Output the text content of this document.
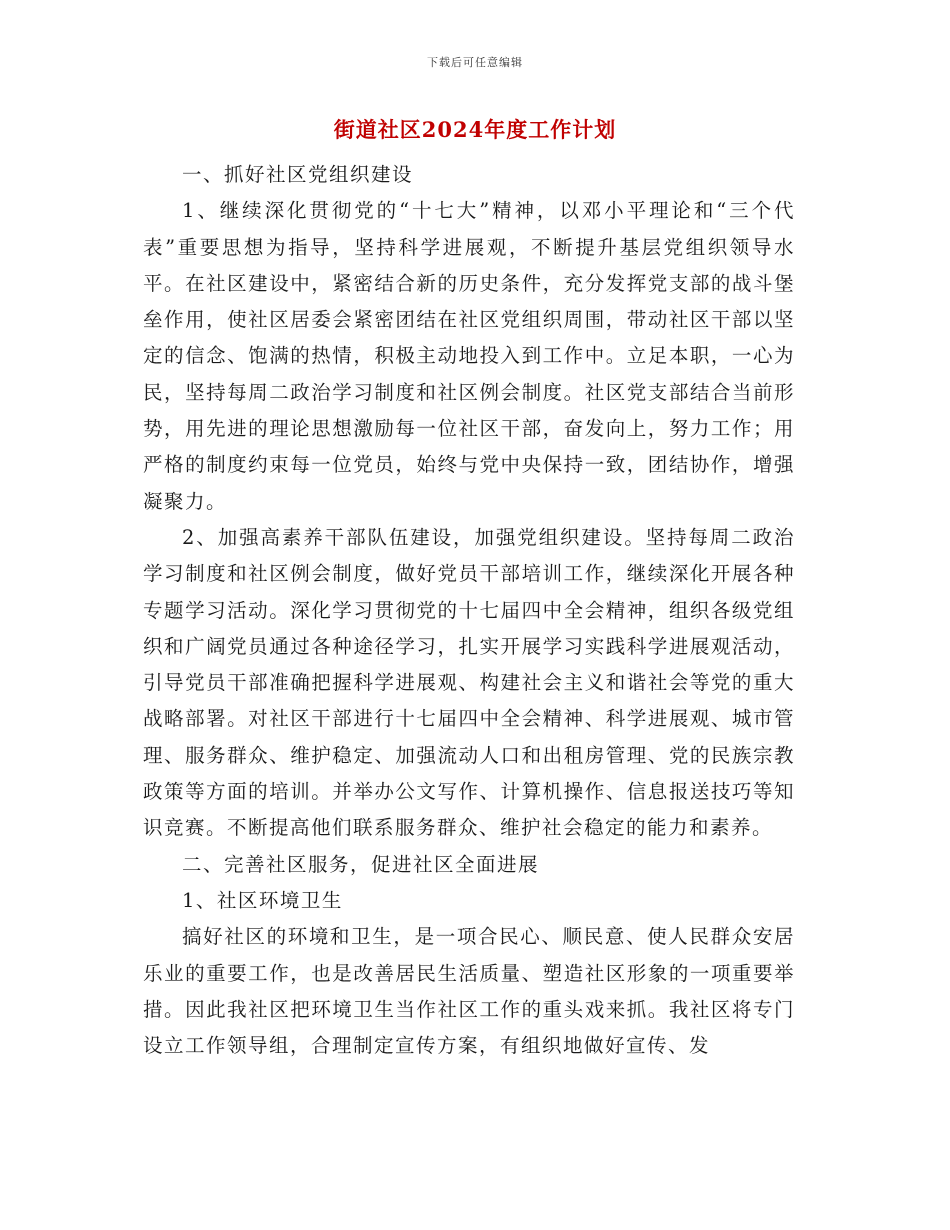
下载后可任意编辑
街道社区2024年度工作计划

一、抓好社区党组织建设

1、继续深化贯彻党的“十七大”精神，以邓小平理论和“三个代表”重要思想为指导，坚持科学进展观，不断提升基层党组织领导水平。在社区建设中，紧密结合新的历史条件，充分发挥党支部的战斗堡垒作用，使社区居委会紧密团结在社区党组织周围，带动社区干部以坚定的信念、饱满的热情，积极主动地投入到工作中。立足本职，一心为民，坚持每周二政治学习制度和社区例会制度。社区党支部结合当前形势，用先进的理论思想激励每一位社区干部，奋发向上，努力工作；用严格的制度约束每一位党员，始终与党中央保持一致，团结协作，增强凝聚力。

2、加强高素养干部队伍建设，加强党组织建设。坚持每周二政治学习制度和社区例会制度，做好党员干部培训工作，继续深化开展各种专题学习活动。深化学习贯彻党的十七届四中全会精神，组织各级党组织和广阔党员通过各种途径学习，扎实开展学习实践科学进展观活动，引导党员干部准确把握科学进展观、构建社会主义和谐社会等党的重大战略部署。对社区干部进行十七届四中全会精神、科学进展观、城市管理、服务群众、维护稳定、加强流动人口和出租房管理、党的民族宗教政策等方面的培训。并举办公文写作、计算机操作、信息报送技巧等知识竞赛。不断提高他们联系服务群众、维护社会稳定的能力和素养。

二、完善社区服务，促进社区全面进展

1、社区环境卫生

搞好社区的环境和卫生，是一项合民心、顺民意、使人民群众安居乐业的重要工作，也是改善居民生活质量、塑造社区形象的一项重要举措。因此我社区把环境卫生当作社区工作的重头戏来抓。我社区将专门设立工作领导组，合理制定宣传方案，有组织地做好宣传、发
